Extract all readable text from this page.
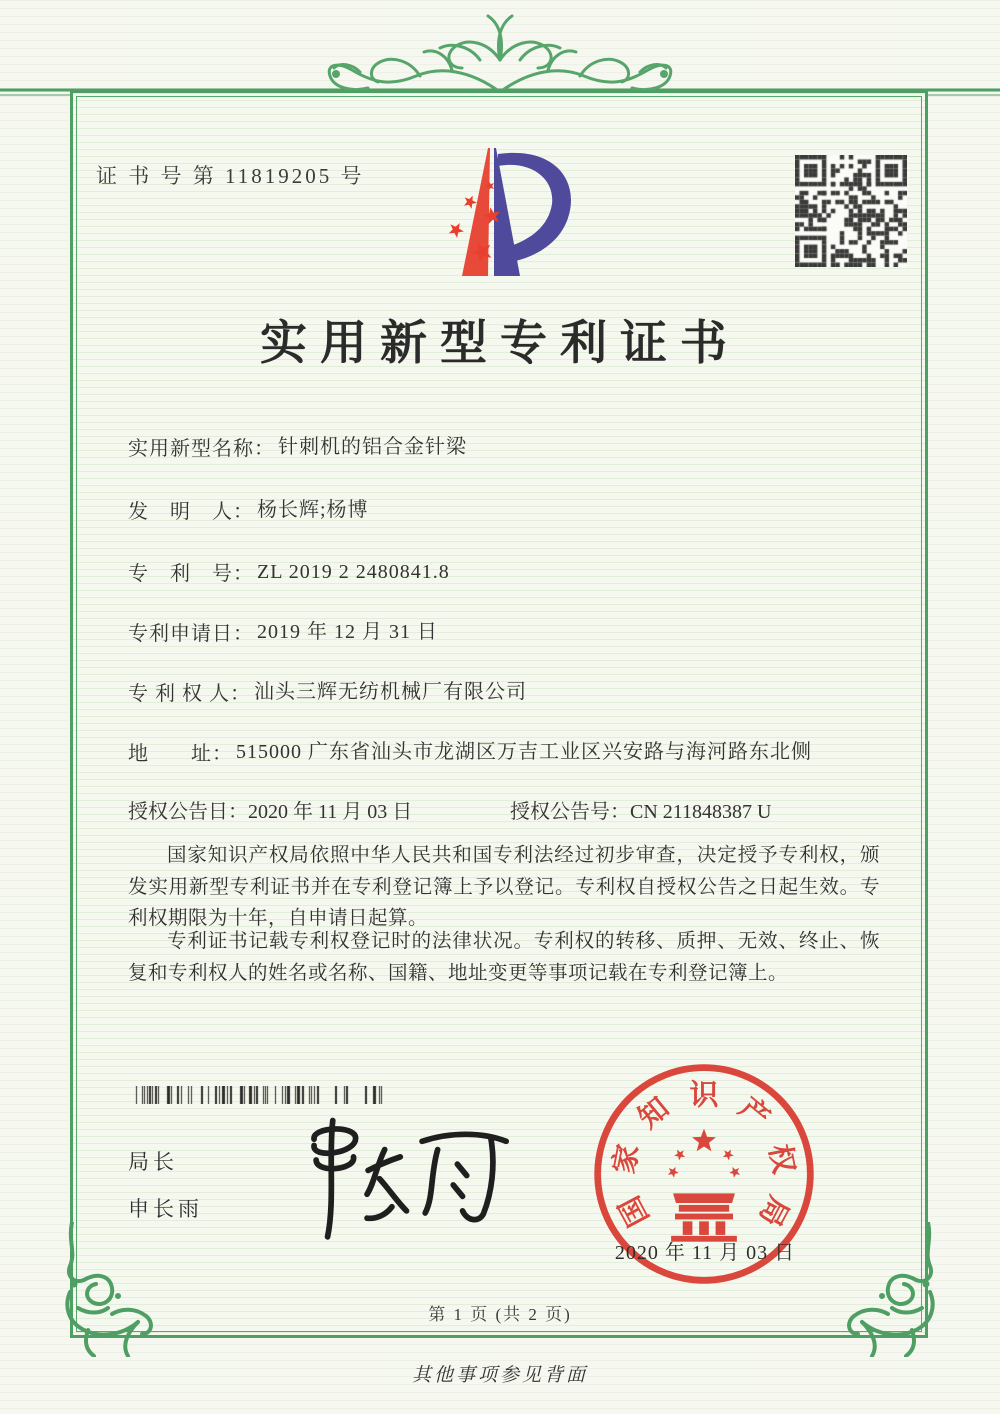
证 书 号 第 11819205 号
实用新型专利证书
实用新型名称： 针刺机的铝合金针梁
发　明　人： 杨长辉;杨博
专　利　号： ZL 2019 2 2480841.8
专利申请日： 2019 年 12 月 31 日
专 利 权 人： 汕头三辉无纺机械厂有限公司
地　　址： 515000 广东省汕头市龙湖区万吉工业区兴安路与海河路东北侧
授权公告日：2020 年 11 月 03 日	授权公告号：CN 211848387 U
国家知识产权局依照中华人民共和国专利法经过初步审查，决定授予专利权，颁发实用新型专利证书并在专利登记簿上予以登记。专利权自授权公告之日起生效。专利权期限为十年，自申请日起算。
专利证书记载专利权登记时的法律状况。专利权的转移、质押、无效、终止、恢复和专利权人的姓名或名称、国籍、地址变更等事项记载在专利登记簿上。
局长
申长雨	国
家
知 识 产
权
局
2020 年 11 月 03 日
第 1 页 (共 2 页)
其他事项参见背面
